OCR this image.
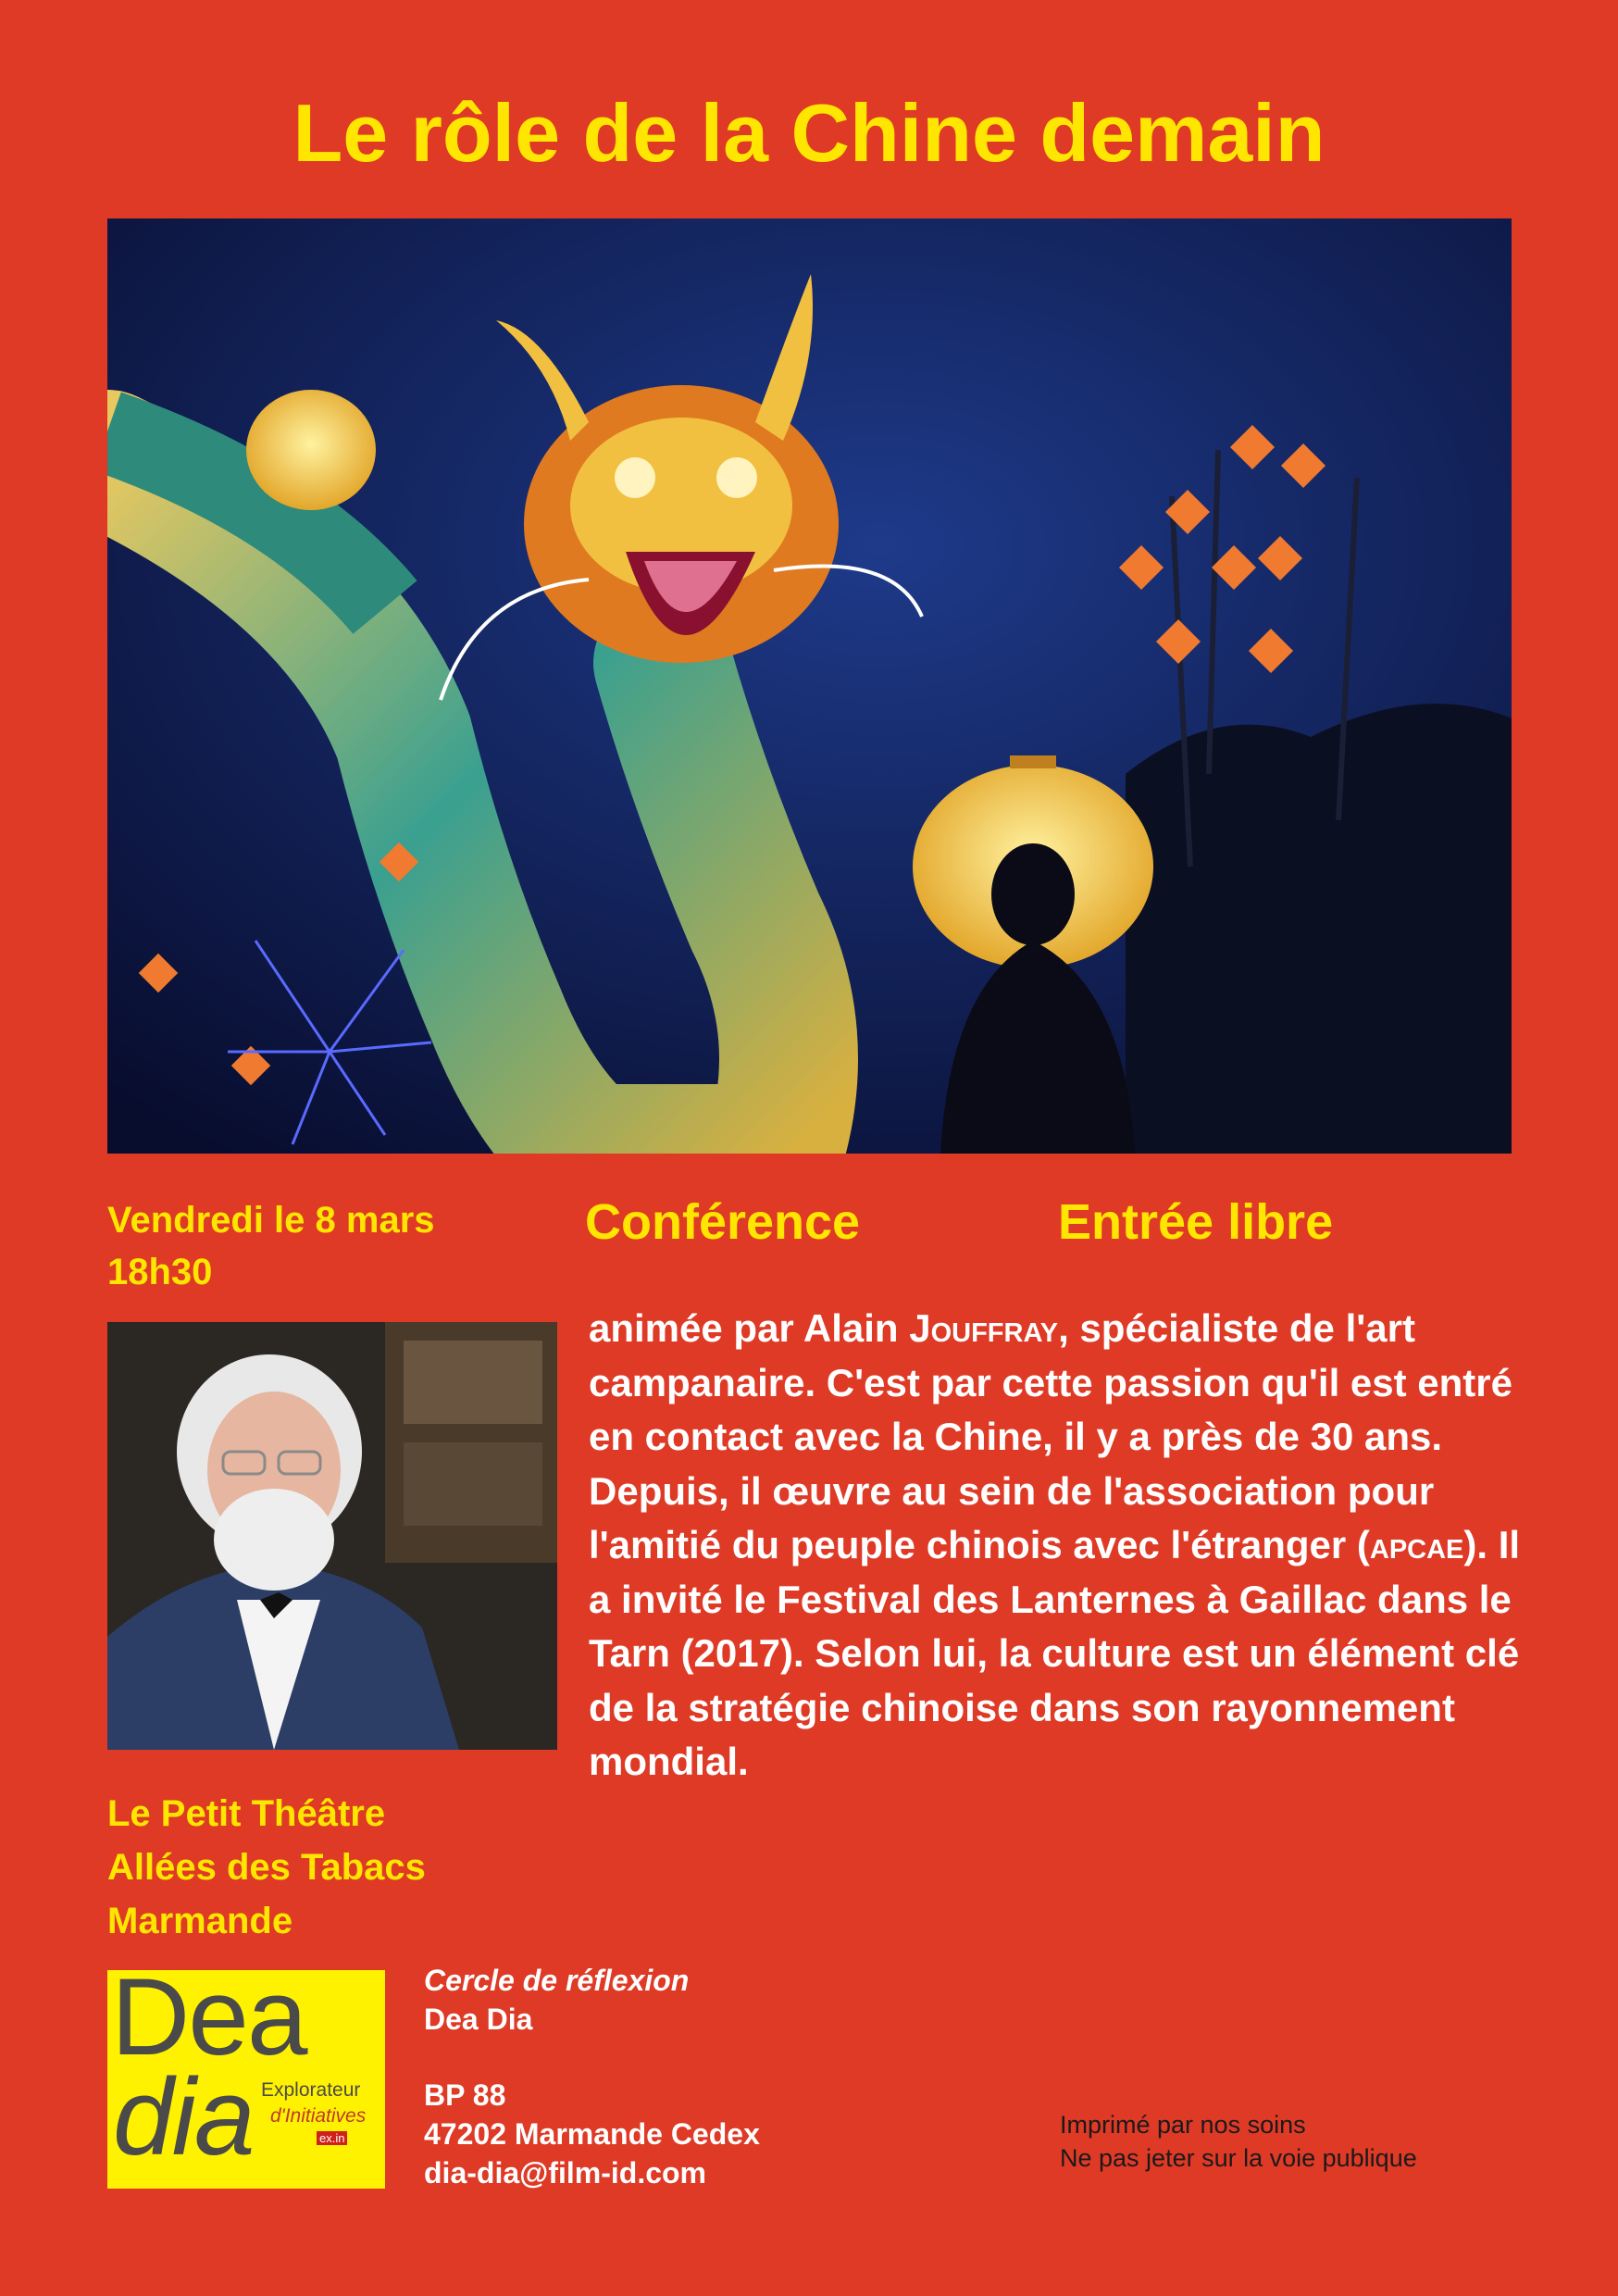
Le rôle de la Chine demain
Vendredi le 8 mars
18h30
Conférence	Entrée libre
animée par Alain Jouffray, spécialiste de l'art campanaire. C'est par cette passion qu'il est entré en contact avec la Chine, il y a près de 30 ans. Depuis, il œuvre au sein de l'association pour l'amitié du peuple chinois avec l'étranger (apcae). Il a invité le Festival des Lanternes à Gaillac dans le Tarn (2017). Selon lui, la culture est un élément clé de la stratégie chinoise dans son rayonnement mondial.
Le Petit Théâtre
Allées des Tabacs
Marmande
Dea
dia Explorateur
d'Initiatives
ex.in
Cercle de réflexion
Dea Dia
BP 88
47202 Marmande Cedex
dia-dia@film-id.com
Imprimé par nos soins
Ne pas jeter sur la voie publique
